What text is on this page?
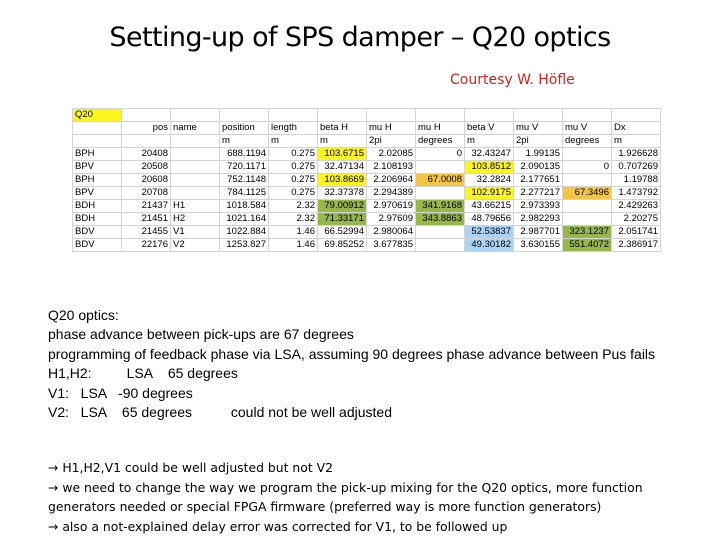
Setting-up of SPS damper – Q20 optics
Courtesy W. Höfle
Q20											
	pos	name	position	length	beta H	mu H	mu H	beta V	mu V	mu V	Dx
			m	m	m	2pi	degrees	m	2pi	degrees	m
BPH	20408		688.1194	0.275	103.6715	2.02085	0	32.43247	1.99135		1.926628
BPV	20508		720.1171	0.275	32.47134	2.108193		103.8512	2.090135	0	0.707269
BPH	20608		752.1148	0.275	103.8669	2.206964	67.0008	32.2824	2.177651		1.19788
BPV	20708		784.1125	0.275	32.37378	2.294389		102.9175	2.277217	67.3496	1.473792
BDH	21437	H1	1018.584	2.32	79.00912	2.970619	341.9168	43.66215	2.973393		2.429263
BDH	21451	H2	1021.164	2.32	71.33171	2.97609	343.8863	48.79656	2.982293		2.20275
BDV	21455	V1	1022.884	1.46	66.52994	2.980064		52.53837	2.987701	323.1237	2.051741
BDV	22176	V2	1253.827	1.46	69.85252	3.677835		49.30182	3.630155	551.4072	2.386917
Q20 optics:
phase advance between pick-ups are 67 degrees
programming of feedback phase via LSA, assuming 90 degrees phase advance between Pus fails
H1,H2:         LSA    65 degrees
V1:   LSA   -90 degrees
V2:   LSA    65 degrees          could not be well adjusted
→ H1,H2,V1 could be well adjusted but not V2
→ we need to change the way we program the pick-up mixing for the Q20 optics, more function
generators needed or special FPGA firmware (preferred way is more function generators)
→ also a not-explained delay error was corrected for V1, to be followed up
